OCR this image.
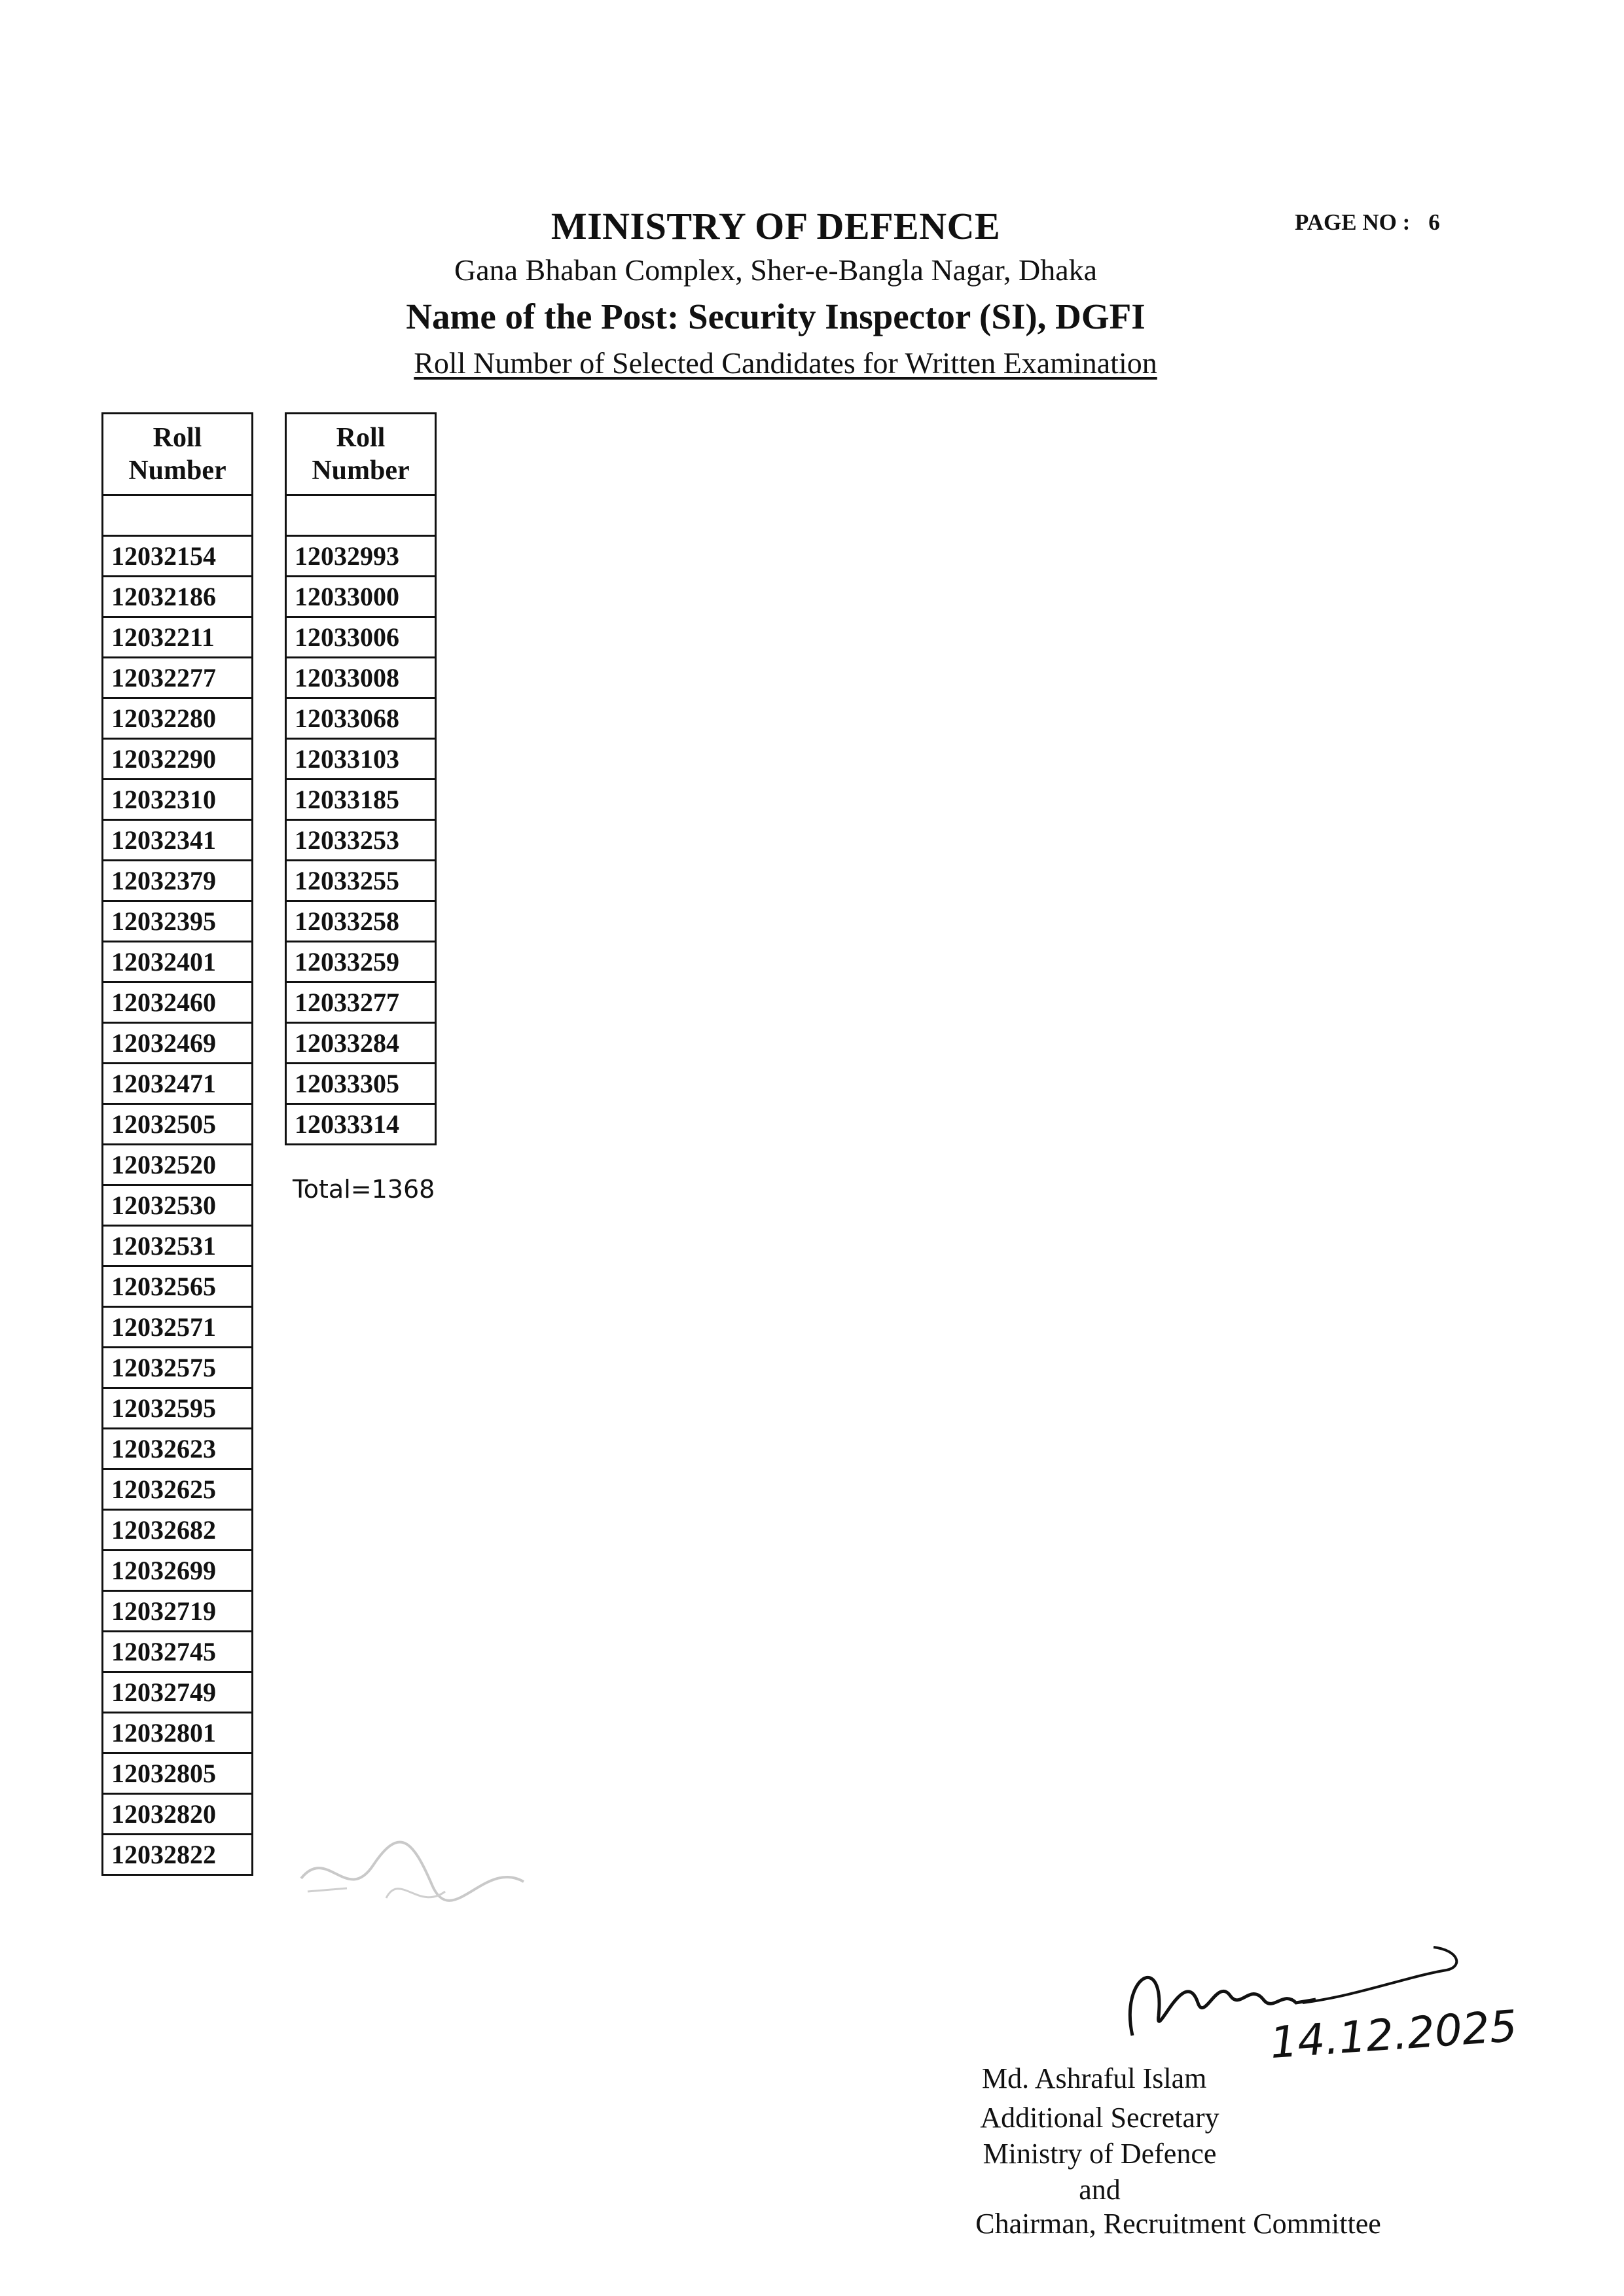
MINISTRY OF DEFENCE	PAGE NO : 6
Gana Bhaban Complex, Sher-e-Bangla Nagar, Dhaka
Name of the Post: Security Inspector (SI), DGFI
Roll Number of Selected Candidates for Written Examination
Roll
Number

12032154
12032186
12032211
12032277
12032280
12032290
12032310
12032341
12032379
12032395
12032401
12032460
12032469
12032471
12032505
12032520
12032530
12032531
12032565
12032571
12032575
12032595
12032623
12032625
12032682
12032699
12032719
12032745
12032749
12032801
12032805
12032820
12032822
Roll
Number

12032993
12033000
12033006
12033008
12033068
12033103
12033185
12033253
12033255
12033258
12033259
12033277
12033284
12033305
12033314
Total=1368
14.12.2025
Md. Ashraful Islam
Additional Secretary
Ministry of Defence
and
Chairman, Recruitment Committee
